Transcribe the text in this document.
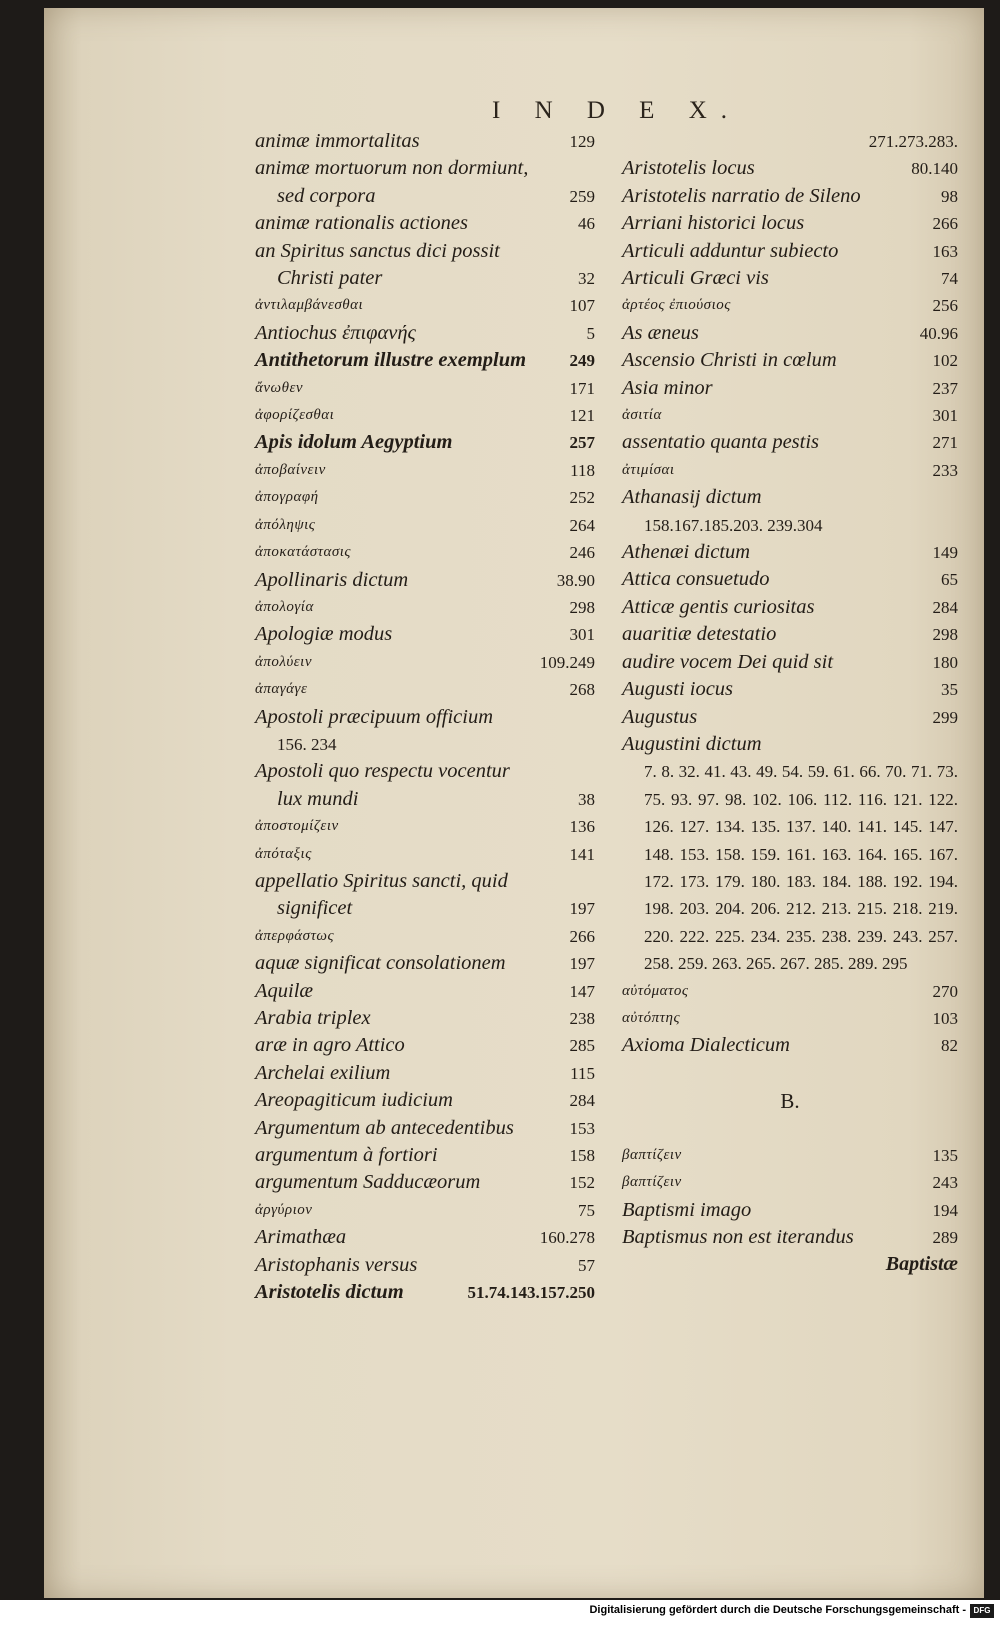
I N D E X.
animæ immortalitas	129
animæ mortuorum non dormiunt, sed corpora	259
animæ rationalis actiones	46
an Spiritus sanctus dici possit Christi pater	32
ἀντιλαμβάνεσθαι	107
Antiochus ἐπιφανής	5
Antithetorum illustre exemplum	249
ἄνωθεν	171
ἀφορίζεσθαι	121
Apis idolum Aegyptium	257
ἀποβαίνειν	118
ἀπογραφή	252
ἀπόληψις	264
ἀποκατάστασις	246
Apollinaris dictum	38.90
ἀπολογία	298
Apologiæ modus	301
ἀπολύειν	109.249
ἀπαγάγε	268
Apostoli præcipuum officium
156. 234
Apostoli quo respectu vocentur lux mundi	38
ἀποστομίζειν	136
ἀπόταξις	141
appellatio Spiritus sancti, quid significet	197
ἀπερφάστως	266
aquæ significat consolationem	197
Aquilæ	147
Arabia triplex	238
aræ in agro Attico	285
Archelai exilium	115
Areopagiticum iudicium	284
Argumentum ab antecedentibus	153
argumentum à fortiori	158
argumentum Sadducæorum	152
ἀργύριον	75
Arimathæa	160.278
Aristophanis versus	57
Aristotelis dictum	51.74.143.157.250
271.273.283.
Aristotelis locus	80.140
Aristotelis narratio de Sileno	98
Arriani historici locus	266
Articuli adduntur subiecto	163
Articuli Græci vis	74
ἀρτέος ἐπιούσιος	256
As æneus	40.96
Ascensio Christi in cœlum	102
Asia minor	237
ἀσιτία	301
assentatio quanta pestis	271
ἀτιμίσαι	233
Athanasij dictum
158.167.185.203. 239.304
Athenæi dictum	149
Attica consuetudo	65
Atticæ gentis curiositas	284
auaritiæ detestatio	298
audire vocem Dei quid sit	180
Augusti iocus	35
Augustus	299
Augustini dictum
7. 8. 32. 41. 43. 49. 54. 59. 61. 66. 70. 71. 73. 75. 93. 97. 98. 102. 106. 112. 116. 121. 122. 126. 127. 134. 135. 137. 140. 141. 145. 147. 148. 153. 158. 159. 161. 163. 164. 165. 167. 172. 173. 179. 180. 183. 184. 188. 192. 194. 198. 203. 204. 206. 212. 213. 215. 218. 219. 220. 222. 225. 234. 235. 238. 239. 243. 257. 258. 259. 263. 265. 267. 285. 289. 295
αὐτόματος	270
αὐτόπτης	103
Axioma Dialecticum	82
B.
βαπτίζειν	135
βαπτίζειν	243
Baptismi imago	194
Baptismus non est iterandus	289
Baptistæ
Digitalisierung gefördert durch die Deutsche Forschungsgemeinschaft - DFG
